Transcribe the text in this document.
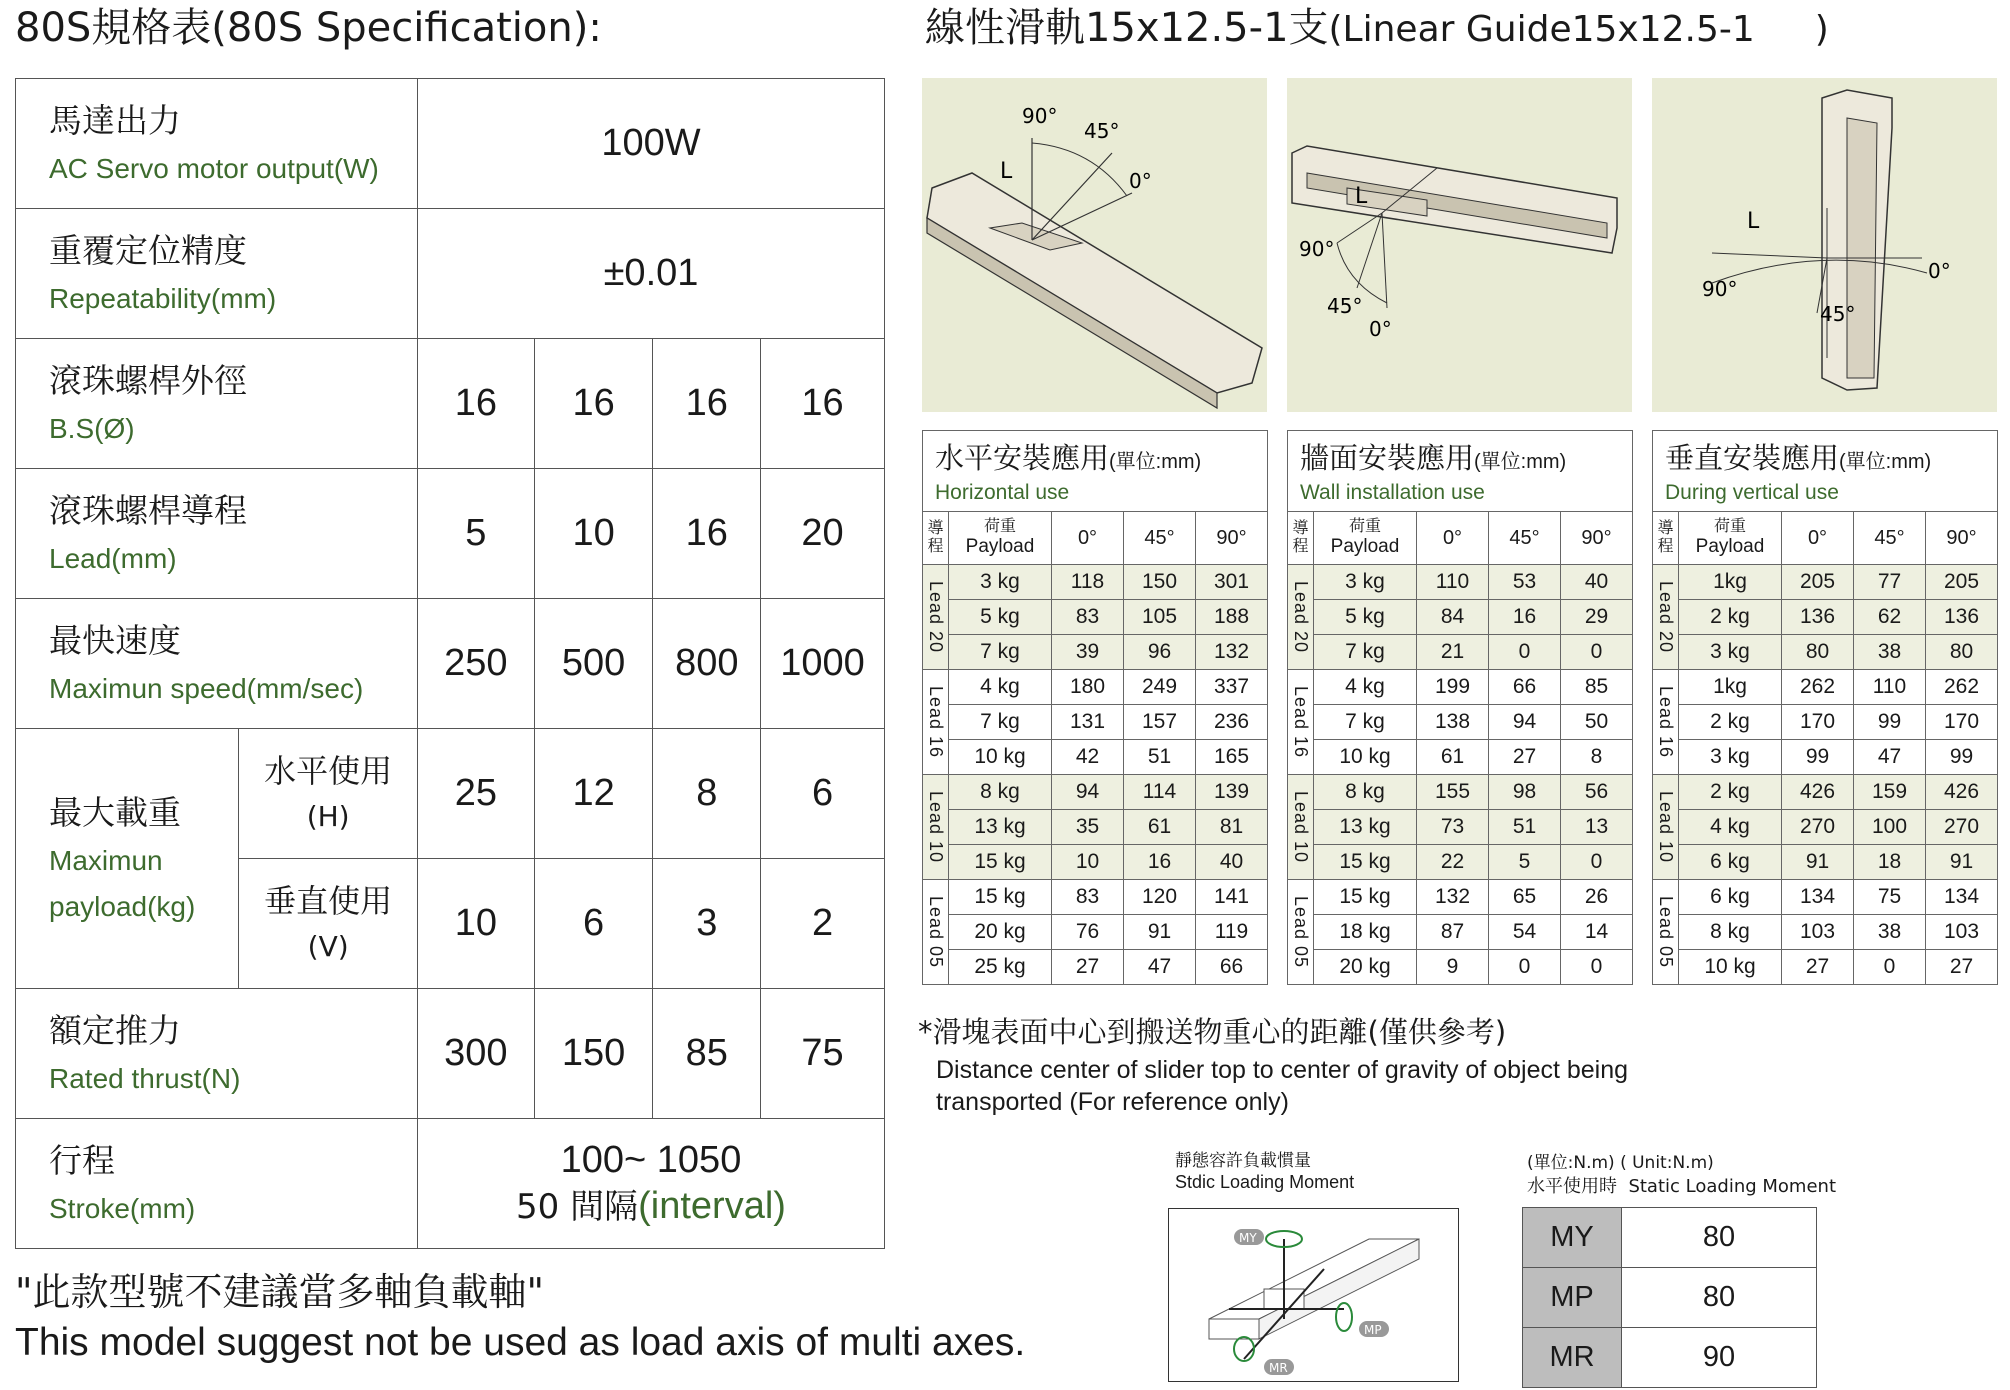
80S規格表(80S Specification):	線性滑軌15x12.5-1支(Linear Guide15x12.5-1 )
馬達出力
AC Servo motor output(W)		100W			

重覆定位精度
Repeatability(mm)		±0.01			

滾珠螺桿外徑
B.S(Ø)		16	16	16	16

滾珠螺桿導程
Lead(mm)		5	10	16	20

最快速度
Maximun speed(mm/sec)		250	500	800	1000

最大載重
Maximun
payload(kg)	水平使用
(H)	25	12	8	6

	垂直使用
(V)	10	6	3	2

額定推力
Rated thrust(N)		300	150	85	75

行程
Stroke(mm)		100~ 1050
50 間隔(interval)			
"此款型號不建議當多軸負載軸"
This model suggest not be used as load axis of multi axes.
90°
45°
0°
L
90°
45°
0°
L
90°
45°
0°
L
水平安裝應用(單位:mm)
Horizontal use				

導
程	荷重
Payload	0°	45°	90°
Lead 20	3 kg	118	150	301
	5 kg	83	105	188
	7 kg	39	96	132
Lead 16	4 kg	180	249	337
	7 kg	131	157	236
	10 kg	42	51	165
Lead 10	8 kg	94	114	139
	13 kg	35	61	81
	15 kg	10	16	40
Lead 05	15 kg	83	120	141
	20 kg	76	91	119
	25 kg	27	47	66
牆面安裝應用(單位:mm)
Wall installation use				

導
程	荷重
Payload	0°	45°	90°
Lead 20	3 kg	110	53	40
	5 kg	84	16	29
	7 kg	21	0	0
Lead 16	4 kg	199	66	85
	7 kg	138	94	50
	10 kg	61	27	8
Lead 10	8 kg	155	98	56
	13 kg	73	51	13
	15 kg	22	5	0
Lead 05	15 kg	132	65	26
	18 kg	87	54	14
	20 kg	9	0	0
垂直安裝應用(單位:mm)
During vertical use				

導
程	荷重
Payload	0°	45°	90°
Lead 20	1kg	205	77	205
	2 kg	136	62	136
	3 kg	80	38	80
Lead 16	1kg	262	110	262
	2 kg	170	99	170
	3 kg	99	47	99
Lead 10	2 kg	426	159	426
	4 kg	270	100	270
	6 kg	91	18	91
Lead 05	6 kg	134	75	134
	8 kg	103	38	103
	10 kg	27	0	27
*滑塊表面中心到搬送物重心的距離(僅供參考)
Distance center of slider top to center of gravity of object being
transported (For reference only)
靜態容許負載慣量
Stdic Loading Moment
MY
MP
MR
(單位:N.m) ( Unit:N.m)
水平使用時 Static Loading Moment
MY	80
MP	80
MR	90
